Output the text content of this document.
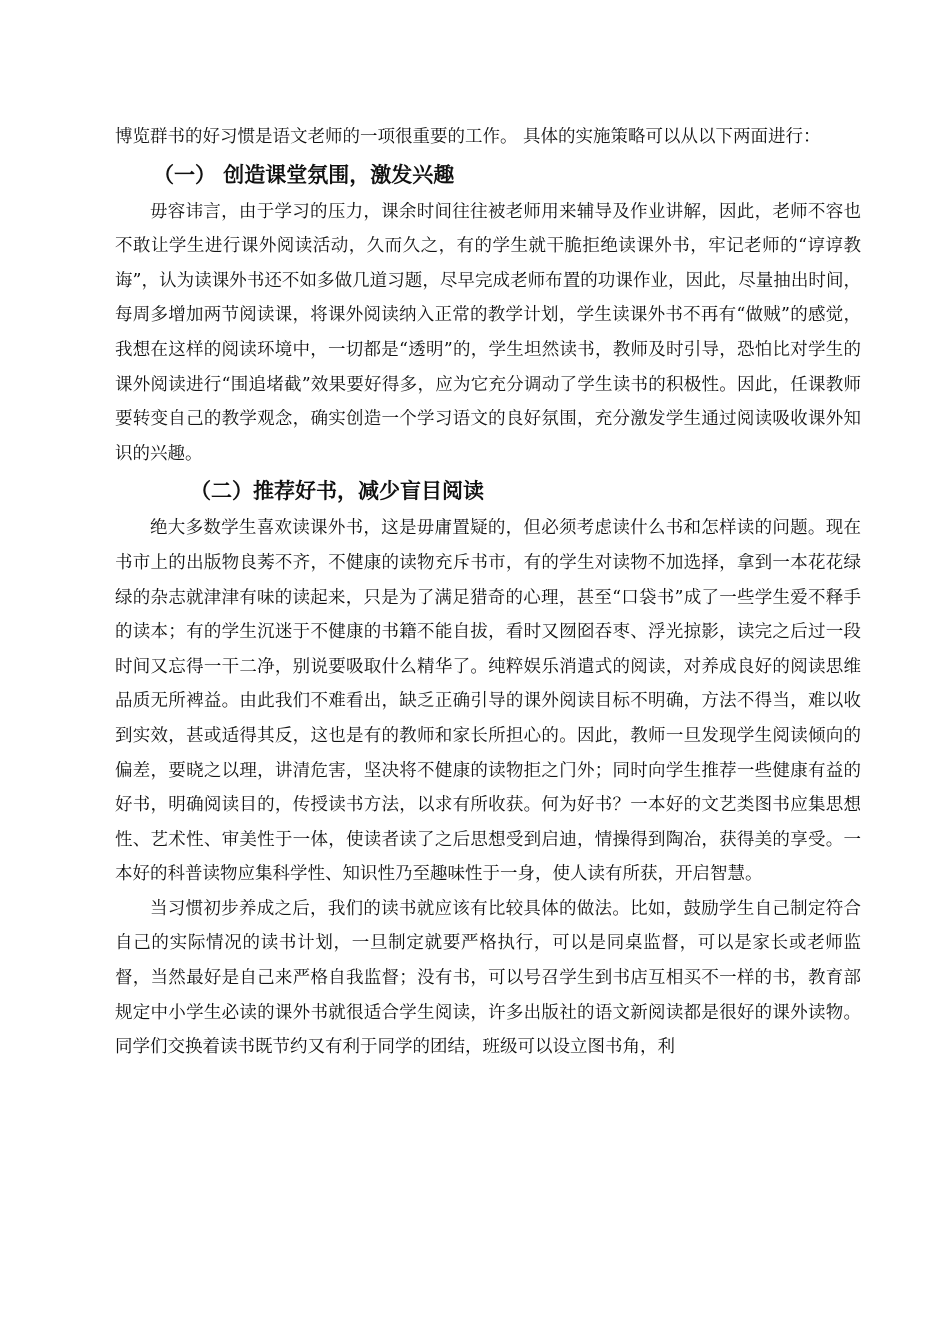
博览群书的好习惯是语文老师的一项很重要的工作。 具体的实施策略可以从以下两面进行：

（一） 创造课堂氛围，激发兴趣

毋容讳言，由于学习的压力，课余时间往往被老师用来辅导及作业讲解，因此，老师不容也不敢让学生进行课外阅读活动，久而久之，有的学生就干脆拒绝读课外书，牢记老师的“谆谆教诲”，认为读课外书还不如多做几道习题，尽早完成老师布置的功课作业，因此，尽量抽出时间，每周多增加两节阅读课，将课外阅读纳入正常的教学计划，学生读课外书不再有“做贼”的感觉，我想在这样的阅读环境中，一切都是“透明”的，学生坦然读书，教师及时引导，恐怕比对学生的课外阅读进行“围追堵截”效果要好得多，应为它充分调动了学生读书的积极性。因此，任课教师要转变自己的教学观念，确实创造一个学习语文的良好氛围，充分激发学生通过阅读吸收课外知识的兴趣。

（二）推荐好书，减少盲目阅读

绝大多数学生喜欢读课外书，这是毋庸置疑的，但必须考虑读什么书和怎样读的问题。现在书市上的出版物良莠不齐，不健康的读物充斥书市，有的学生对读物不加选择，拿到一本花花绿绿的杂志就津津有味的读起来，只是为了满足猎奇的心理，甚至“口袋书”成了一些学生爱不释手的读本；有的学生沉迷于不健康的书籍不能自拔，看时又囫囵吞枣、浮光掠影，读完之后过一段时间又忘得一干二净，别说要吸取什么精华了。纯粹娱乐消遣式的阅读，对养成良好的阅读思维品质无所裨益。由此我们不难看出，缺乏正确引导的课外阅读目标不明确，方法不得当，难以收到实效，甚或适得其反，这也是有的教师和家长所担心的。因此，教师一旦发现学生阅读倾向的偏差，要晓之以理，讲清危害，坚决将不健康的读物拒之门外；同时向学生推荐一些健康有益的好书，明确阅读目的，传授读书方法，以求有所收获。何为好书？一本好的文艺类图书应集思想性、艺术性、审美性于一体，使读者读了之后思想受到启迪，情操得到陶冶，获得美的享受。一本好的科普读物应集科学性、知识性乃至趣味性于一身，使人读有所获，开启智慧。

当习惯初步养成之后，我们的读书就应该有比较具体的做法。比如，鼓励学生自己制定符合自己的实际情况的读书计划，一旦制定就要严格执行，可以是同桌监督，可以是家长或老师监督，当然最好是自己来严格自我监督；没有书，可以号召学生到书店互相买不一样的书，教育部规定中小学生必读的课外书就很适合学生阅读，许多出版社的语文新阅读都是很好的课外读物。同学们交换着读书既节约又有利于同学的团结，班级可以设立图书角，利
